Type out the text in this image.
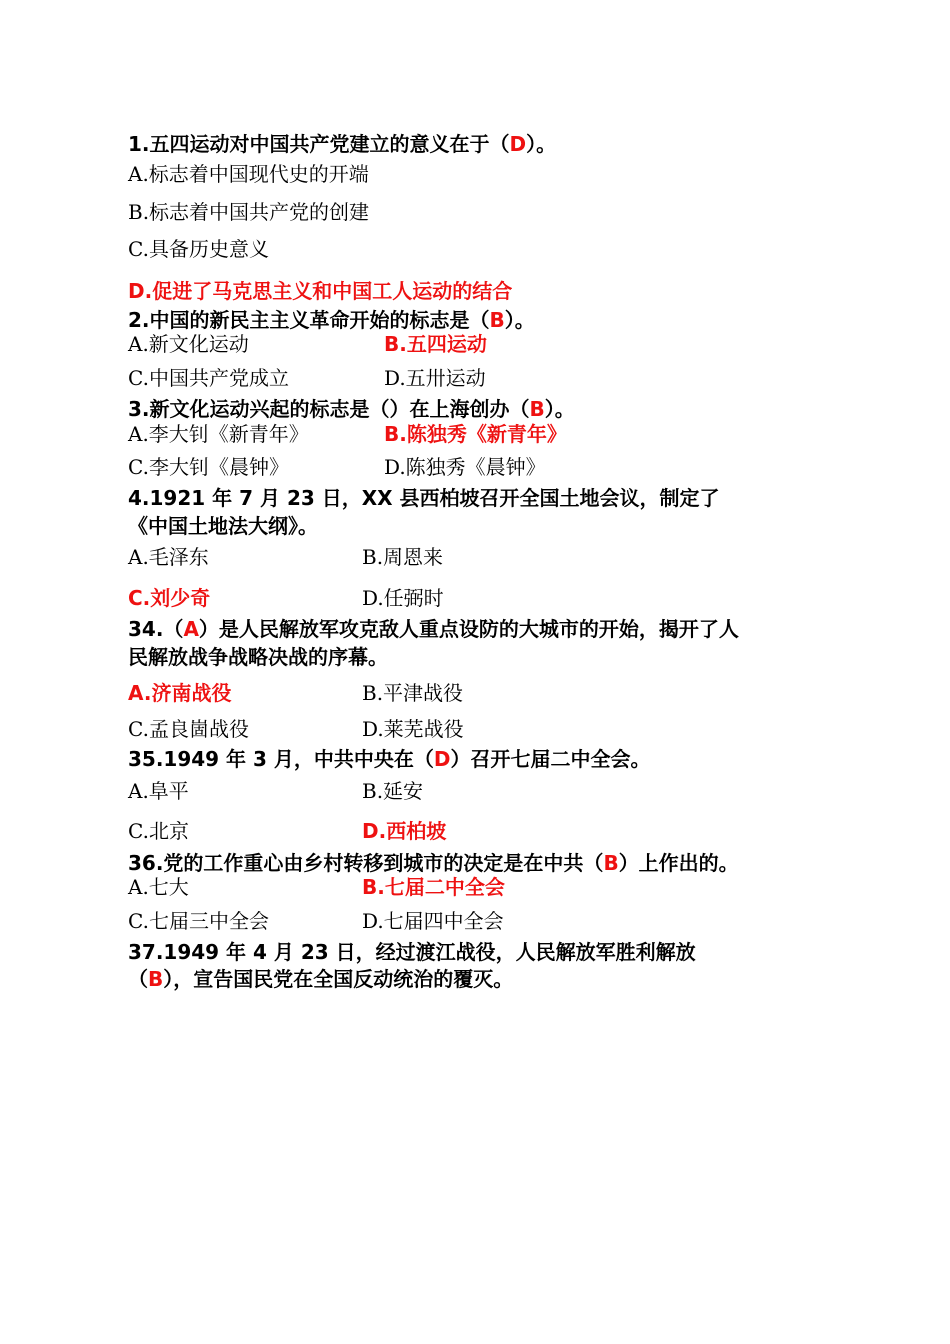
1.五四运动对中国共产党建立的意义在于（D）。
A.标志着中国现代史的开端
B.标志着中国共产党的创建
C.具备历史意义
D.促进了马克思主义和中国工人运动的结合
2.中国的新民主主义革命开始的标志是（B）。
A.新文化运动	B.五四运动
C.中国共产党成立	D.五卅运动
3.新文化运动兴起的标志是（）在上海创办（B）。
A.李大钊《新青年》	B.陈独秀《新青年》
C.李大钊《晨钟》	D.陈独秀《晨钟》
4.1921 年 7 月 23 日，XX 县西柏坡召开全国土地会议，制定了
《中国土地法大纲》。
A.毛泽东	B.周恩来
C.刘少奇	D.任弼时
34.（A）是人民解放军攻克敌人重点设防的大城市的开始，揭开了人
民解放战争战略决战的序幕。
A.济南战役	B.平津战役
C.孟良崮战役	D.莱芜战役
35.1949 年 3 月，中共中央在（D）召开七届二中全会。
A.阜平	B.延安
C.北京	D.西柏坡
36.党的工作重心由乡村转移到城市的决定是在中共（B）上作出的。
A.七大	B.七届二中全会
C.七届三中全会	D.七届四中全会
37.1949 年 4 月 23 日，经过渡江战役，人民解放军胜利解放
（B），宣告国民党在全国反动统治的覆灭。
